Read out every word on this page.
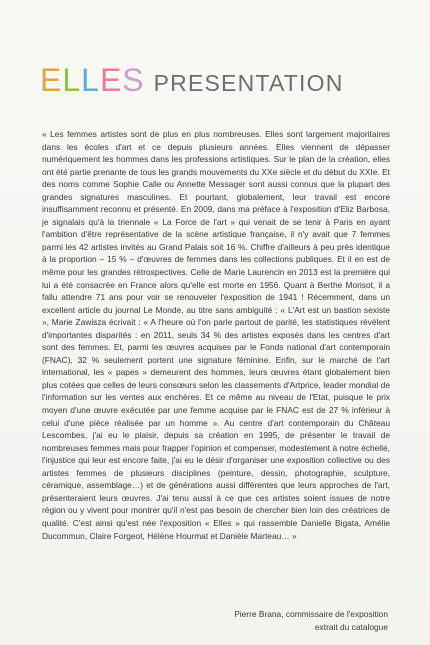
ELLES PRESENTATION

« Les femmes artistes sont de plus en plus nombreuses. Elles sont largement majoritaires dans les écoles d'art et ce depuis plusieurs années. Elles viennent de dépasser numériquement les hommes dans les professions artistiques. Sur le plan de la création, elles ont été partie prenante de tous les grands mouvements du XXe siècle et du début du XXIe. Et des noms comme Sophie Calle ou Annette Messager sont aussi connus que la plupart des grandes signatures masculines. Et pourtant, globalement, leur travail est encore insuffisamment reconnu et présenté. En 2009, dans ma préface à l'exposition d'Eliz Barbosa, je signalais qu'à la triennale « La Force de l'art » qui venait de se tenir à Paris en ayant l'ambition d'être représentative de la scène artistique française, il n'y avait que 7 femmes parmi les 42 artistes invités au Grand Palais soit 16 %. Chiffre d'ailleurs à peu près identique à la proportion – 15 % – d'œuvres de femmes dans les collections publiques. Et il en est de même pour les grandes rétrospectives. Celle de Marie Laurencin en 2013 est la première qui lui a été consacrée en France alors qu'elle est morte en 1956. Quant à Berthe Morisot, il a fallu attendre 71 ans pour voir se renouveler l'exposition de 1941 ! Récemment, dans un excellent article du journal Le Monde, au titre sans ambiguité : « L'Art est un bastion sexiste », Marie Zawisza écrivait : « A l'heure où l'on parle partout de parité, les statistiques révèlent d'importantes disparités : en 2011, seuls 34 % des artistes exposés dans les centres d'art sont des femmes. Et, parmi les œuvres acquises par le Fonds national d'art contemporain (FNAC), 32 % seulement portent une signature féminine. Enfin, sur le marché de l'art international, les « papes » demeurent des hommes, leurs œuvres étant globalement bien plus cotées que celles de leurs consœurs selon les classements d'Artprice, leader mondial de l'information sur les ventes aux enchères. Et ce même au niveau de l'Etat, puisque le prix moyen d'une œuvre exécutée par une femme acquise par le FNAC est de 27 % inférieur à celui d'une pièce réalisée par un homme ». Au centre d'art contemporain du Château Lescombes, j'ai eu le plaisir, depuis sa création en 1995, de présenter le travail de nombreuses femmes mais pour frapper l'opinion et compenser, modestement à notre échelle, l'injustice qui leur est encore faite, j'ai eu le désir d'organiser une exposition collective ou des artistes femmes de plusieurs disciplines (peinture, dessin, photographie, sculpture, céramique, assemblage…) et de générations aussi différentes que leurs approches de l'art, présenteraient leurs œuvres. J'ai tenu aussi à ce que ces artistes soient issues de notre région ou y vivent pour montrer qu'il n'est pas besoin de chercher bien loin des créatrices de qualité. C'est ainsi qu'est née l'exposition « Elles » qui rassemble Danielle Bigata, Amélie Ducommun, Claire Forgeot, Hélène Hourmat et Danièle Marteau… »

Pierre Brana, commissaire de l'exposition
extrait du catalogue
